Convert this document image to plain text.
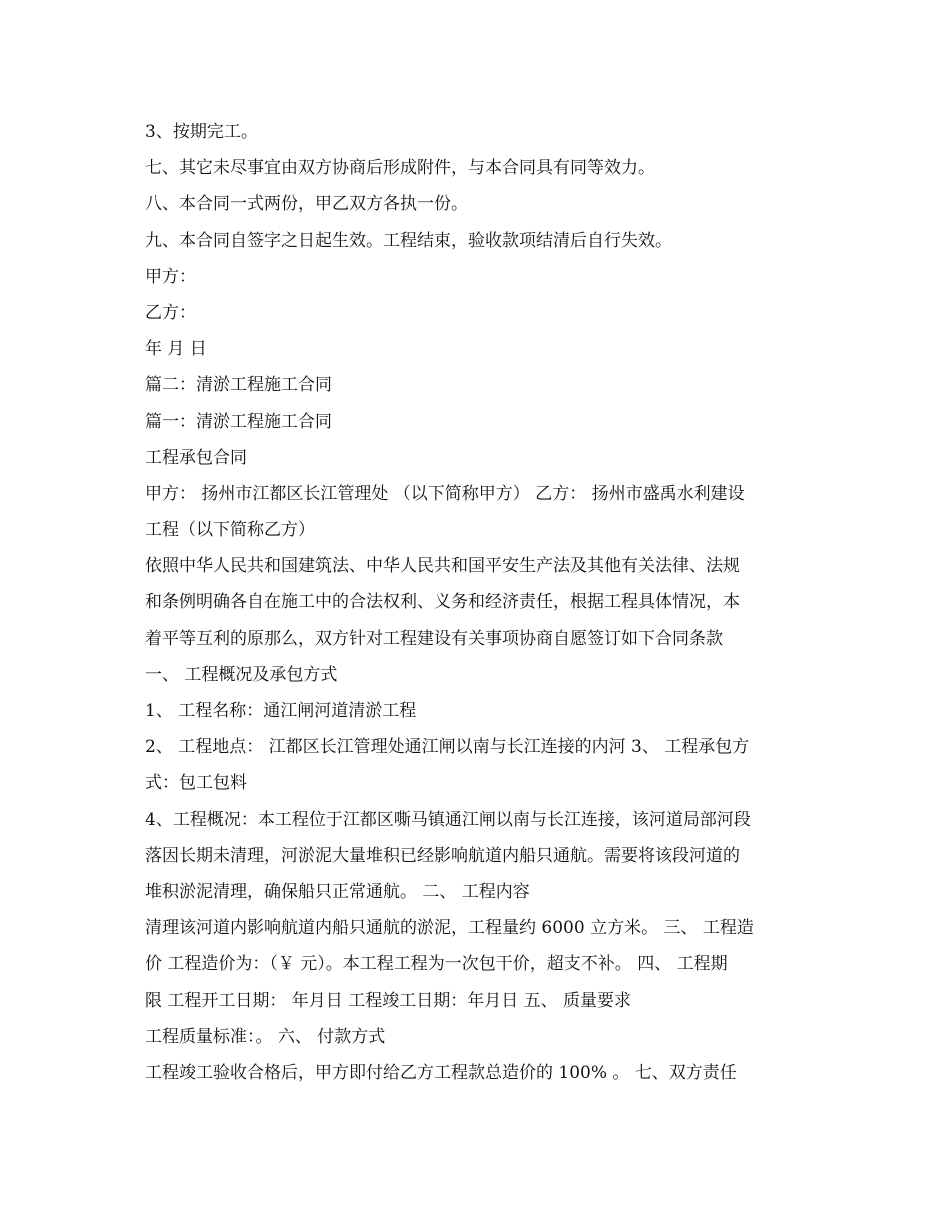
3、按期完工。

七、其它未尽事宜由双方协商后形成附件，与本合同具有同等效力。

八、本合同一式两份，甲乙双方各执一份。

九、本合同自签字之日起生效。工程结束，验收款项结清后自行失效。

甲方：

乙方：

年 月 日

篇二：清淤工程施工合同

篇一：清淤工程施工合同

工程承包合同

甲方： 扬州市江都区长江管理处 （以下简称甲方） 乙方： 扬州市盛禹水利建设

工程（以下简称乙方）

依照中华人民共和国建筑法、中华人民共和国平安生产法及其他有关法律、法规

和条例明确各自在施工中的合法权利、义务和经济责任，根据工程具体情况，本

着平等互利的原那么，双方针对工程建设有关事项协商自愿签订如下合同条款

一、 工程概况及承包方式

1、 工程名称：通江闸河道清淤工程

2、 工程地点： 江都区长江管理处通江闸以南与长江连接的内河 3、 工程承包方

式：包工包料

4、工程概况：本工程位于江都区嘶马镇通江闸以南与长江连接，该河道局部河段

落因长期未清理，河淤泥大量堆积已经影响航道内船只通航。需要将该段河道的

堆积淤泥清理，确保船只正常通航。 二、 工程内容

清理该河道内影响航道内船只通航的淤泥，工程量约 6000 立方米。 三、 工程造

价 工程造价为：（￥ 元）。本工程工程为一次包干价，超支不补。 四、 工程期

限 工程开工日期： 年月日 工程竣工日期：年月日 五、 质量要求

工程质量标准：。 六、 付款方式

工程竣工验收合格后，甲方即付给乙方工程款总造价的 100% 。 七、双方责任
